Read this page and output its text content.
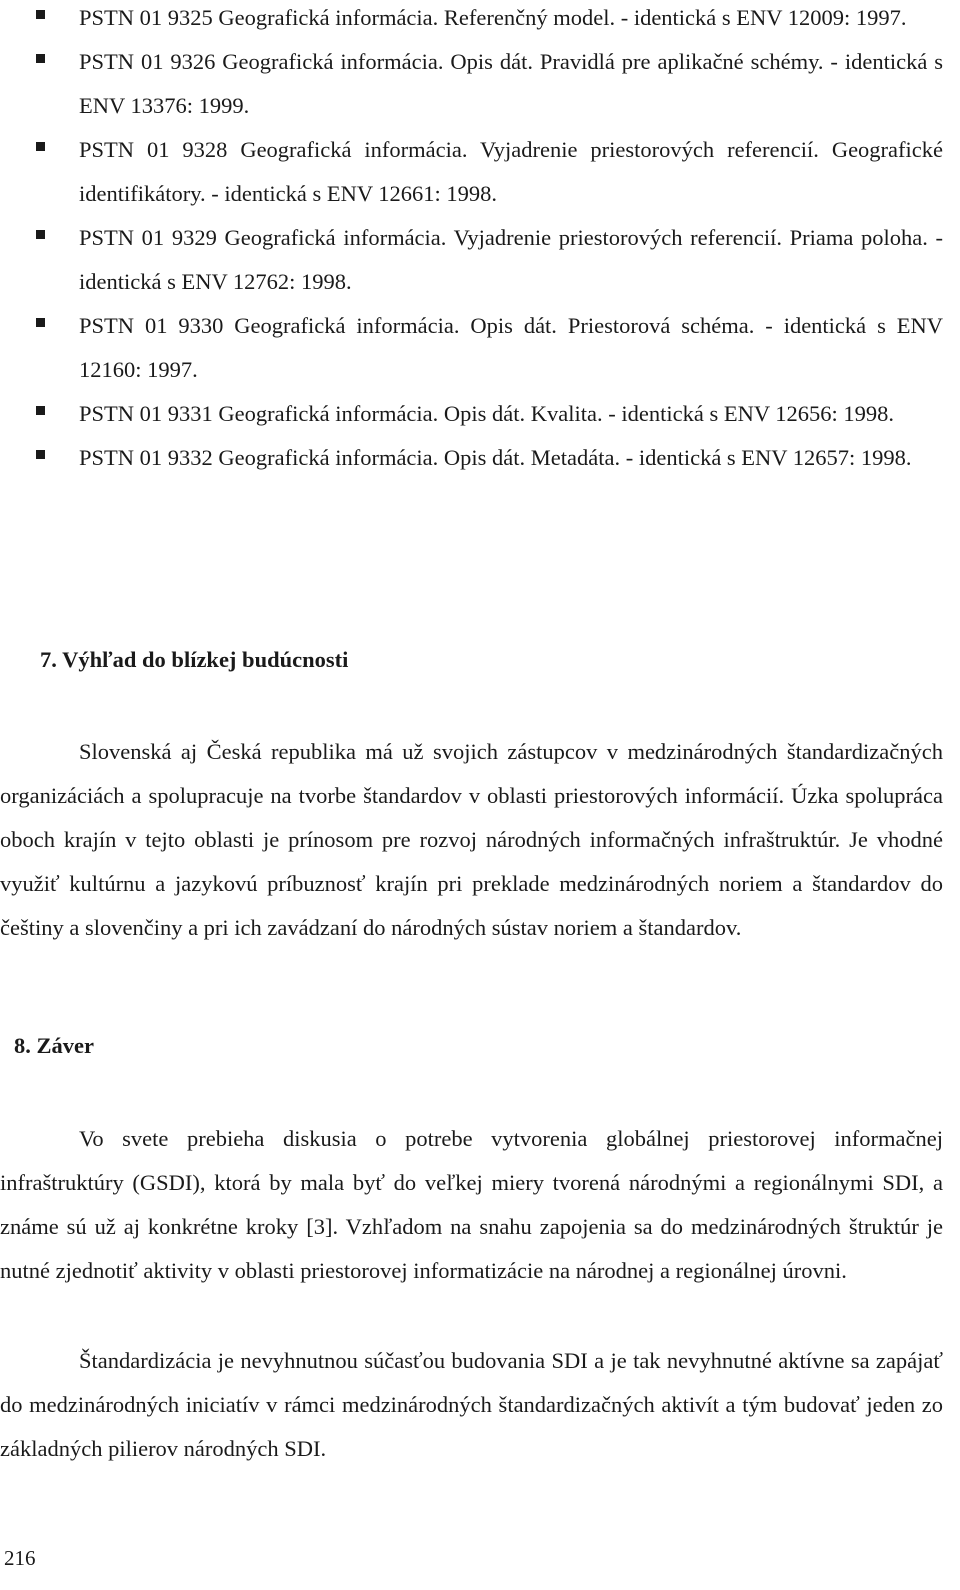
PSTN 01 9325 Geografická informácia. Referenčný model. - identická s ENV 12009: 1997.
PSTN 01 9326 Geografická informácia. Opis dát. Pravidlá pre aplikačné schémy. - identická s ENV 13376: 1999.
PSTN 01 9328 Geografická informácia. Vyjadrenie priestorových referencií. Geografické identifikátory. - identická s ENV 12661: 1998.
PSTN 01 9329 Geografická informácia. Vyjadrenie priestorových referencií. Priama poloha. - identická s ENV 12762: 1998.
PSTN 01 9330 Geografická informácia. Opis dát. Priestorová schéma. - identická s ENV 12160: 1997.
PSTN 01 9331 Geografická informácia. Opis dát. Kvalita. - identická s ENV 12656: 1998.
PSTN 01 9332 Geografická informácia. Opis dát. Metadáta. - identická s ENV 12657: 1998.
7. Výhľad do blízkej budúcnosti

Slovenská aj Česká republika má už svojich zástupcov v medzinárodných štandardizačných organizáciách a spolupracuje na tvorbe štandardov v oblasti priestorových informácií. Úzka spolupráca oboch krajín v tejto oblasti je prínosom pre rozvoj národných informačných infraštruktúr. Je vhodné využiť kultúrnu a jazykovú príbuznosť krajín pri preklade medzinárodných noriem a štandardov do češtiny a slovenčiny a pri ich zavádzaní do národných sústav noriem a štandardov.

8. Záver

Vo svete prebieha diskusia o potrebe vytvorenia globálnej priestorovej informačnej infraštruktúry (GSDI), ktorá by mala byť do veľkej miery tvorená národnými a regionálnymi SDI, a známe sú už aj konkrétne kroky [3]. Vzhľadom na snahu zapojenia sa do medzinárodných štruktúr je nutné zjednotiť aktivity v oblasti priestorovej informatizácie na národnej a regionálnej úrovni.

Štandardizácia je nevyhnutnou súčasťou budovania SDI a je tak nevyhnutné aktívne sa zapájať do medzinárodných iniciatív v rámci medzinárodných štandardizačných aktivít a tým budovať jeden zo základných pilierov národných SDI.

216
